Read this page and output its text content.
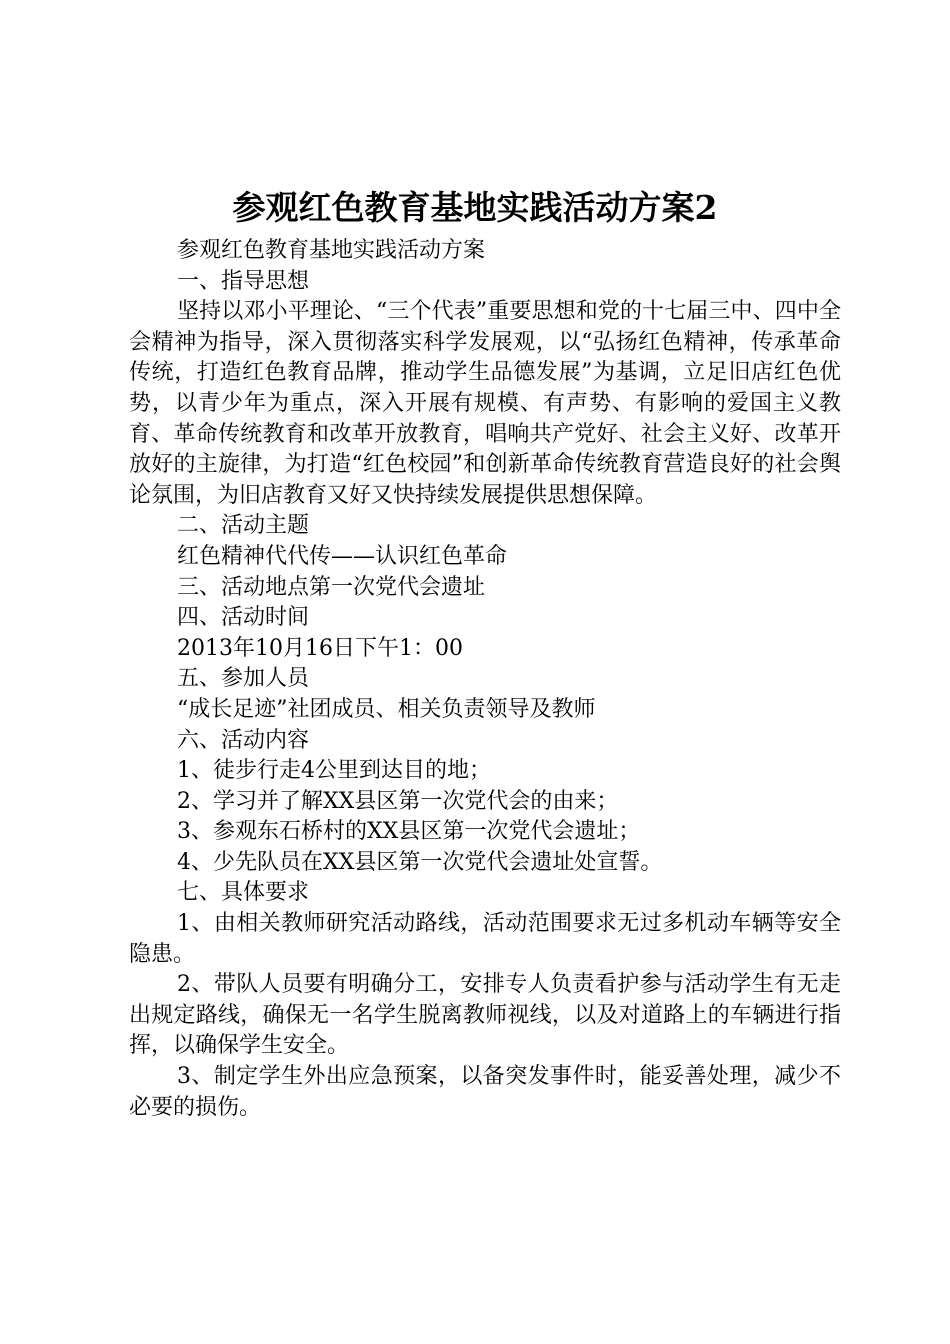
参观红色教育基地实践活动方案2

参观红色教育基地实践活动方案

一、指导思想

坚持以邓小平理论、“三个代表”重要思想和党的十七届三中、四中全会精神为指导，深入贯彻落实科学发展观，以“弘扬红色精神，传承革命传统，打造红色教育品牌，推动学生品德发展”为基调，立足旧店红色优势，以青少年为重点，深入开展有规模、有声势、有影响的爱国主义教育、革命传统教育和改革开放教育，唱响共产党好、社会主义好、改革开放好的主旋律，为打造“红色校园”和创新革命传统教育营造良好的社会舆论氛围，为旧店教育又好又快持续发展提供思想保障。

二、活动主题

红色精神代代传——认识红色革命

三、活动地点第一次党代会遗址

四、活动时间

2013年10月16日下午1：00

五、参加人员

“成长足迹”社团成员、相关负责领导及教师

六、活动内容

1、徒步行走4公里到达目的地；

2、学习并了解XX县区第一次党代会的由来；

3、参观东石桥村的XX县区第一次党代会遗址；

4、少先队员在XX县区第一次党代会遗址处宣誓。

七、具体要求

1、由相关教师研究活动路线，活动范围要求无过多机动车辆等安全隐患。

2、带队人员要有明确分工，安排专人负责看护参与活动学生有无走出规定路线，确保无一名学生脱离教师视线，以及对道路上的车辆进行指挥，以确保学生安全。

3、制定学生外出应急预案，以备突发事件时，能妥善处理，减少不必要的损伤。
